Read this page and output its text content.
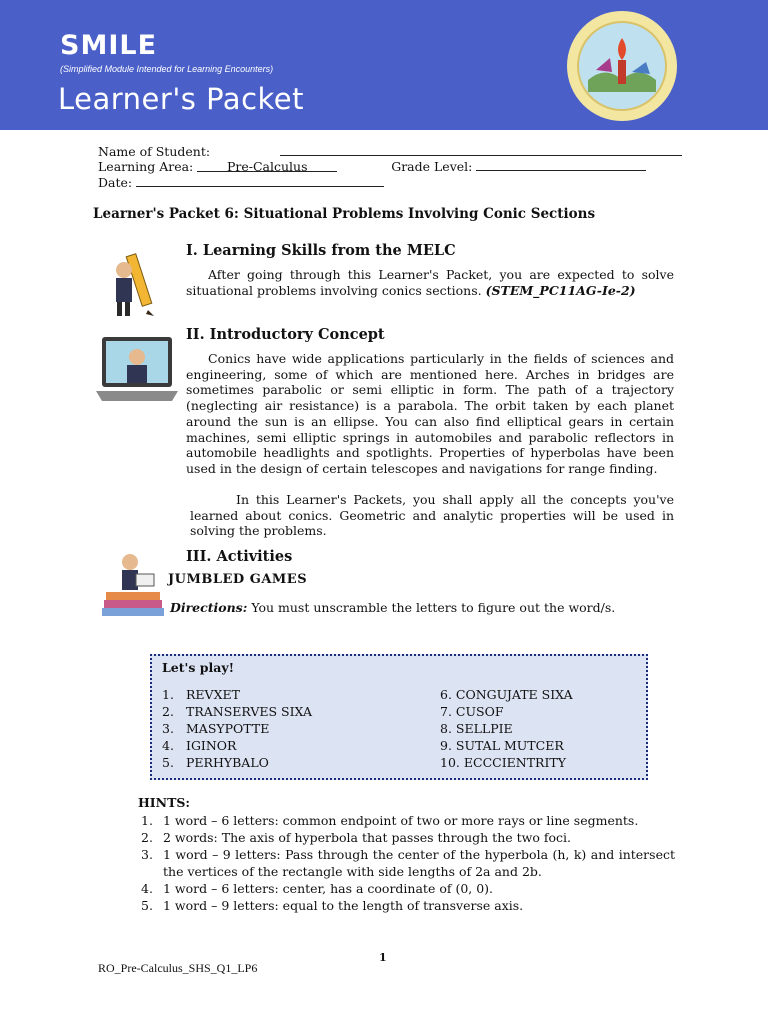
SMILE
(Simplified Module Intended for Learning Encounters)
Learner's Packet
Name of Student:
Learning Area:	Pre-Calculus	Grade Level:
Date:
Learner's Packet 6: Situational Problems Involving Conic Sections
I. Learning Skills from the MELC

After going through this Learner's Packet, you are expected to solve situational problems involving conics sections. (STEM_PC11AG-Ie-2)

II. Introductory Concept

Conics have wide applications particularly in the fields of sciences and engineering, some of which are mentioned here. Arches in bridges are sometimes parabolic or semi elliptic in form. The path of a trajectory (neglecting air resistance) is a parabola. The orbit taken by each planet around the sun is an ellipse. You can also find elliptical gears in certain machines, semi elliptic springs in automobiles and parabolic reflectors in automobile headlights and spotlights. Properties of hyperbolas have been used in the design of certain telescopes and navigations for range finding.

In this Learner's Packets, you shall apply all the concepts you've learned about conics. Geometric and analytic properties will be used in solving the problems.

III. Activities
JUMBLED GAMES
Directions: You must unscramble the letters to figure out the word/s.
Let's play!
1. REVXET
2. TRANSERVES SIXA
3. MASYPOTTE
4. IGINOR
5. PERHYBALO
6. CONGUJATE SIXA
7. CUSOF
8. SELLPIE
9. SUTAL MUTCER
10. ECCCIENTRITY
HINTS:
1. 1 word – 6 letters: common endpoint of two or more rays or line segments.
2. 2 words: The axis of hyperbola that passes through the two foci.
3. 1 word – 9 letters: Pass through the center of the hyperbola (h, k) and intersect the vertices of the rectangle with side lengths of 2a and 2b.
4. 1 word – 6 letters: center, has a coordinate of (0, 0).
5. 1 word – 9 letters: equal to the length of transverse axis.
1
RO_Pre-Calculus_SHS_Q1_LP6
